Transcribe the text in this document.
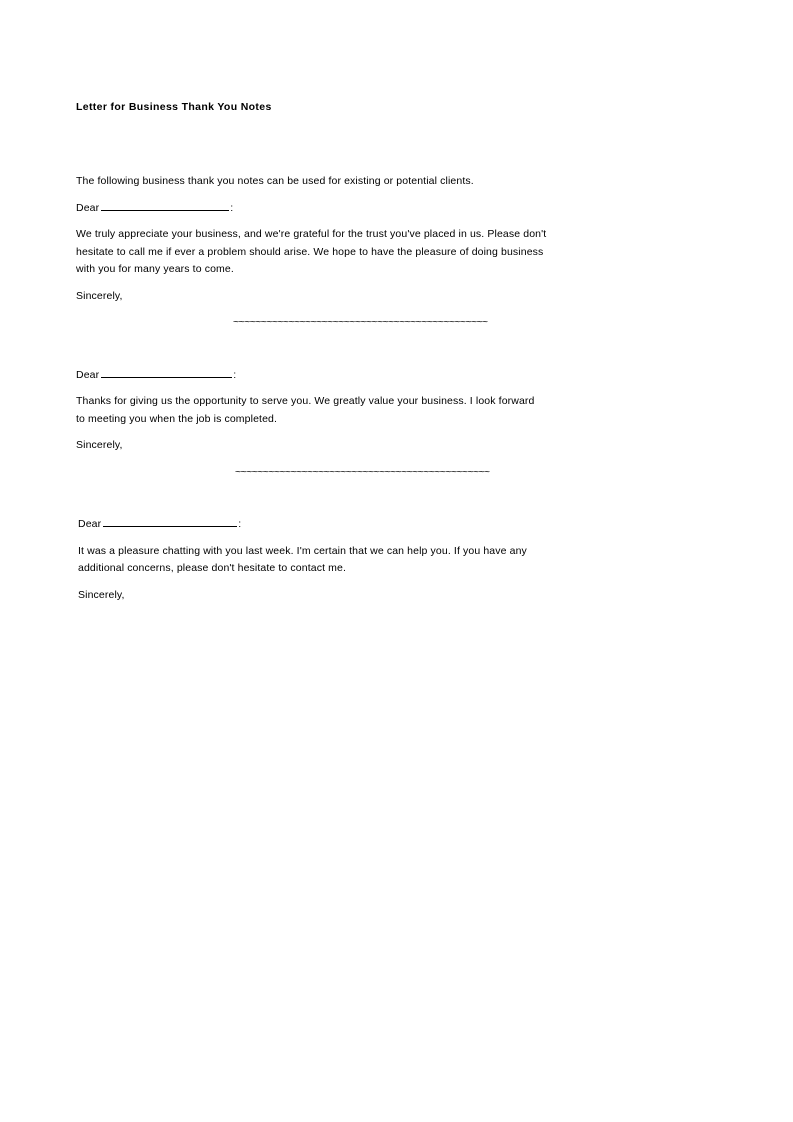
Letter for Business Thank You Notes

The following business thank you notes can be used for existing or potential clients.

Dear	:

We truly appreciate your business, and we're grateful for the trust you've placed in us. Please don't hesitate to call me if ever a problem should arise. We hope to have the pleasure of doing business with you for many years to come.

Sincerely,

~~~~~~~~~~~~~~~~~~~~~~~~~~~~~~~~~~~~~~~~~~~~~~

Dear	:

Thanks for giving us the opportunity to serve you. We greatly value your business. I look forward to meeting you when the job is completed.

Sincerely,

~~~~~~~~~~~~~~~~~~~~~~~~~~~~~~~~~~~~~~~~~~~~~~

Dear	:

It was a pleasure chatting with you last week. I'm certain that we can help you. If you have any additional concerns, please don't hesitate to contact me.

Sincerely,
